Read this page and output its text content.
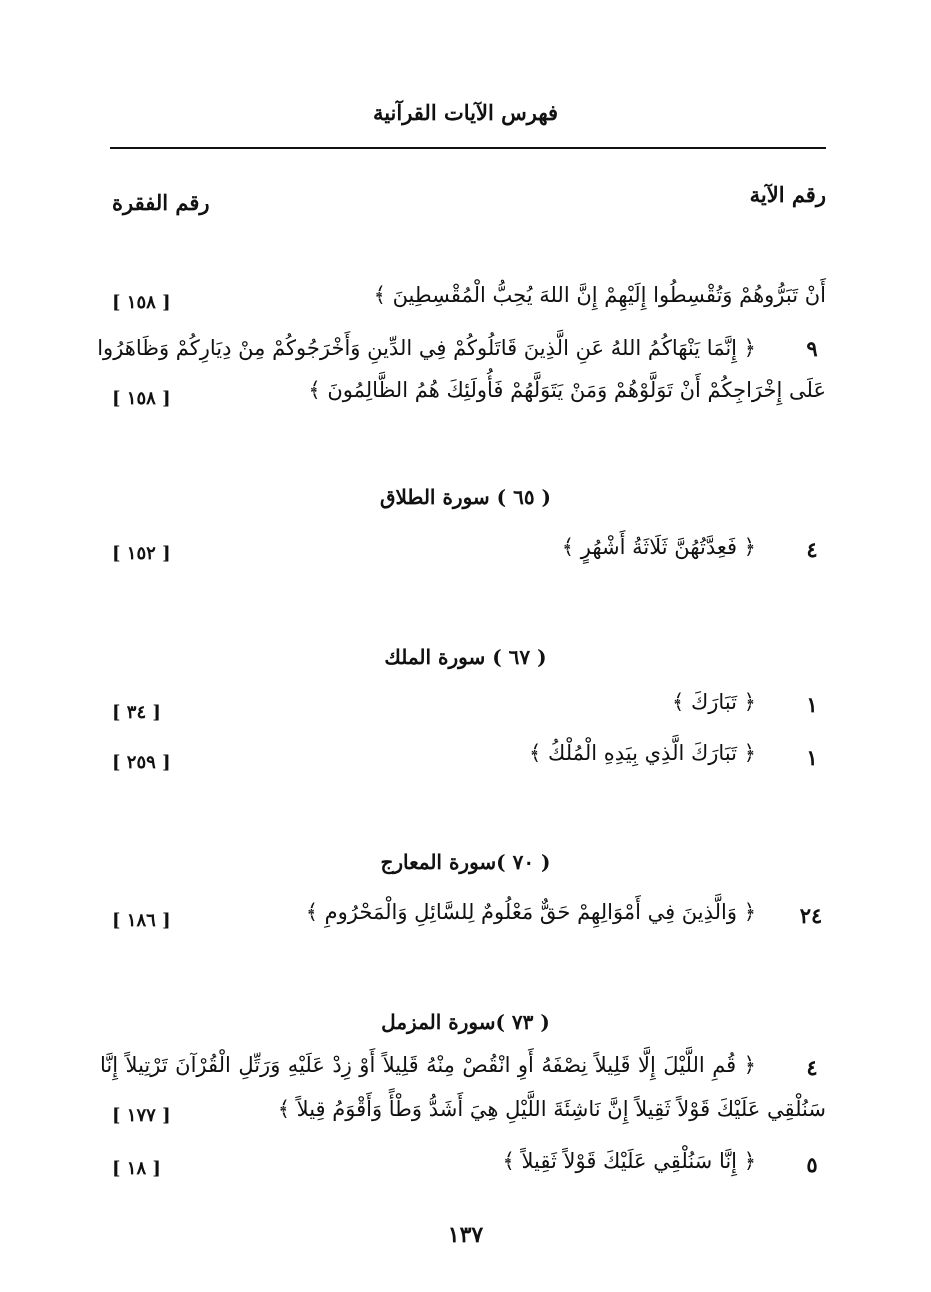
فهرس الآيات القرآنية
رقم الآية
رقم الفقرة
أَنْ تَبَرُّوهُمْ وَتُقْسِطُوا إِلَيْهِمْ إِنَّ اللهَ يُحِبُّ الْمُقْسِطِينَ ﴾
[ ١٥٨ ]
٩
﴿ إِنَّمَا يَنْهَاكُمُ اللهُ عَنِ الَّذِينَ قَاتَلُوكُمْ فِي الدِّينِ وَأَخْرَجُوكُمْ مِنْ دِيَارِكُمْ وَظَاهَرُوا
عَلَى إِخْرَاجِكُمْ أَنْ تَوَلَّوْهُمْ وَمَنْ يَتَوَلَّهُمْ فَأُولَئِكَ هُمُ الظَّالِمُونَ ﴾
[ ١٥٨ ]
( ٦٥ ) سورة الطلاق
٤
﴿ فَعِدَّتُهُنَّ ثَلَاثَةُ أَشْهُرٍ ﴾
[ ١٥٢ ]
( ٦٧ ) سورة الملك
١
﴿ تَبَارَكَ ﴾
[ ٣٤ ]
١
﴿ تَبَارَكَ الَّذِي بِيَدِهِ الْمُلْكُ ﴾
[ ٢٥٩ ]
( ٧٠ )سورة المعارج
٢٤
﴿ وَالَّذِينَ فِي أَمْوَالِهِمْ حَقٌّ مَعْلُومٌ لِلسَّائِلِ وَالْمَحْرُومِ ﴾
[ ١٨٦ ]
( ٧٣ )سورة المزمل
٤
﴿ قُمِ اللَّيْلَ إِلَّا قَلِيلاً نِصْفَهُ أَوِ انْقُصْ مِنْهُ قَلِيلاً أَوْ زِدْ عَلَيْهِ وَرَتِّلِ الْقُرْآنَ تَرْتِيلاً إِنَّا
سَنُلْقِي عَلَيْكَ قَوْلاً ثَقِيلاً إِنَّ نَاشِئَةَ اللَّيْلِ هِيَ أَشَدُّ وَطْأً وَأَقْوَمُ قِيلاً ﴾
[ ١٧٧ ]
٥
﴿ إِنَّا سَنُلْقِي عَلَيْكَ قَوْلاً ثَقِيلاً ﴾
[ ١٨ ]
١٣٧
